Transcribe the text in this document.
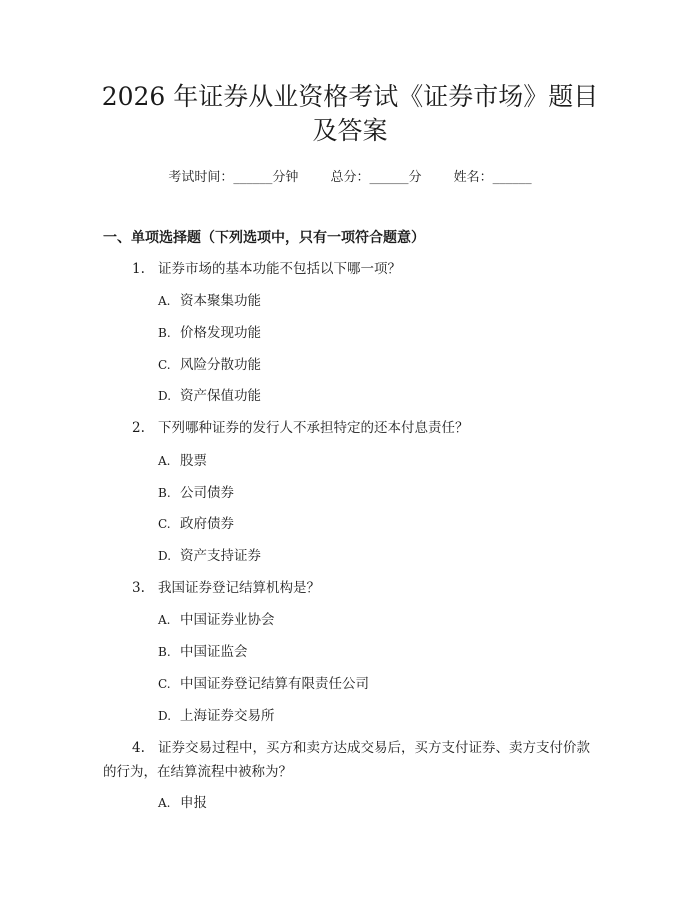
2026 年证券从业资格考试《证券市场》题目
及答案
考试时间：______分钟 总分：______分 姓名：______
一、单项选择题（下列选项中，只有一项符合题意）
1. 证券市场的基本功能不包括以下哪一项？
A. 资本聚集功能
B. 价格发现功能
C. 风险分散功能
D. 资产保值功能
2. 下列哪种证券的发行人不承担特定的还本付息责任？
A. 股票
B. 公司债券
C. 政府债券
D. 资产支持证券
3. 我国证券登记结算机构是？
A. 中国证券业协会
B. 中国证监会
C. 中国证券登记结算有限责任公司
D. 上海证券交易所
4. 证券交易过程中，买方和卖方达成交易后，买方支付证券、卖方支付价款
的行为，在结算流程中被称为？
A. 申报
